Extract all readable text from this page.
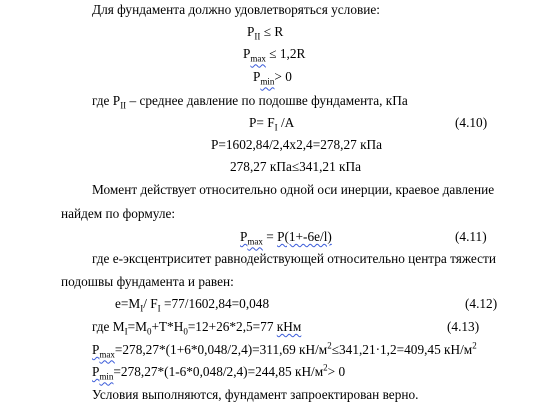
Для фундамента должно удовлетворяться условие:
$Р_{II} \le R$
$P_{max} \le 1,2R$
$P_{min}> 0$
где $Р_{II}$ – среднее давление по подошве фундамента, кПа
$Р= F_I$ /A	(4.10)
P=1602,84/2,4х2,4=278,27 кПа
278,27 кПа≤341,21 кПа
Момент действует относительно одной оси инерции, краевое давление
найдем по формуле:
$P_{max} = P(1+-6e/l)$	(4.11)
где е-эксцентриситет равнодействующей относительно центра тяжести
подошвы фундамента и равен:
$e=M_I/$ $F_I =77/1602,84=0,048$	(4.12)
где $M_I=M_0+T*H_0=12+26*2,5=77$ кНм	(4.13)
$P_{max}=278,27*(1+6*0,048/2,4)=311,69$ $кН/м^2\le 341,21\cdot 1,2=409,45$ $кН/м^2$
$P_{min}=278,27*(1-6*0,048/2,4)=244,85$ $кН/м^2> 0$
Условия выполняются, фундамент запроектирован верно.
